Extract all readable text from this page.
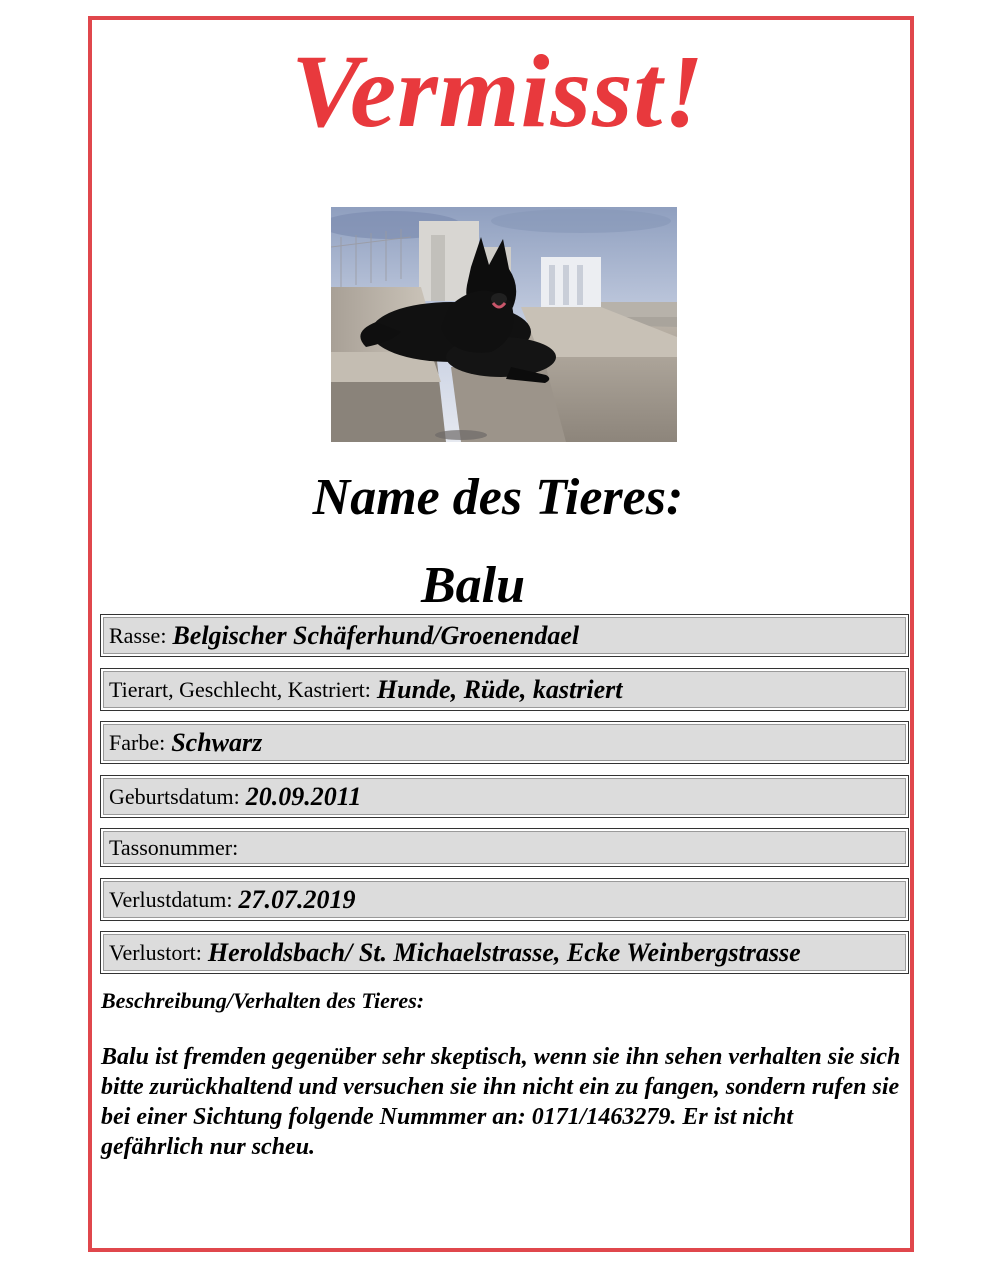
Vermisst!
Name des Tieres:
Balu
Rasse: Belgischer Schäferhund/Groenendael
Tierart, Geschlecht, Kastriert: Hunde, Rüde, kastriert
Farbe: Schwarz
Geburtsdatum: 20.09.2011
Tassonummer:
Verlustdatum: 27.07.2019
Verlustort: Heroldsbach/ St. Michaelstrasse, Ecke Weinbergstrasse
Beschreibung/Verhalten des Tieres:
Balu ist fremden gegenüber sehr skeptisch, wenn sie ihn sehen verhalten sie sich bitte zurückhaltend und versuchen sie ihn nicht ein zu fangen, sondern rufen sie bei einer Sichtung folgende Nummmer an: 0171/1463279. Er ist nicht gefährlich nur scheu.
